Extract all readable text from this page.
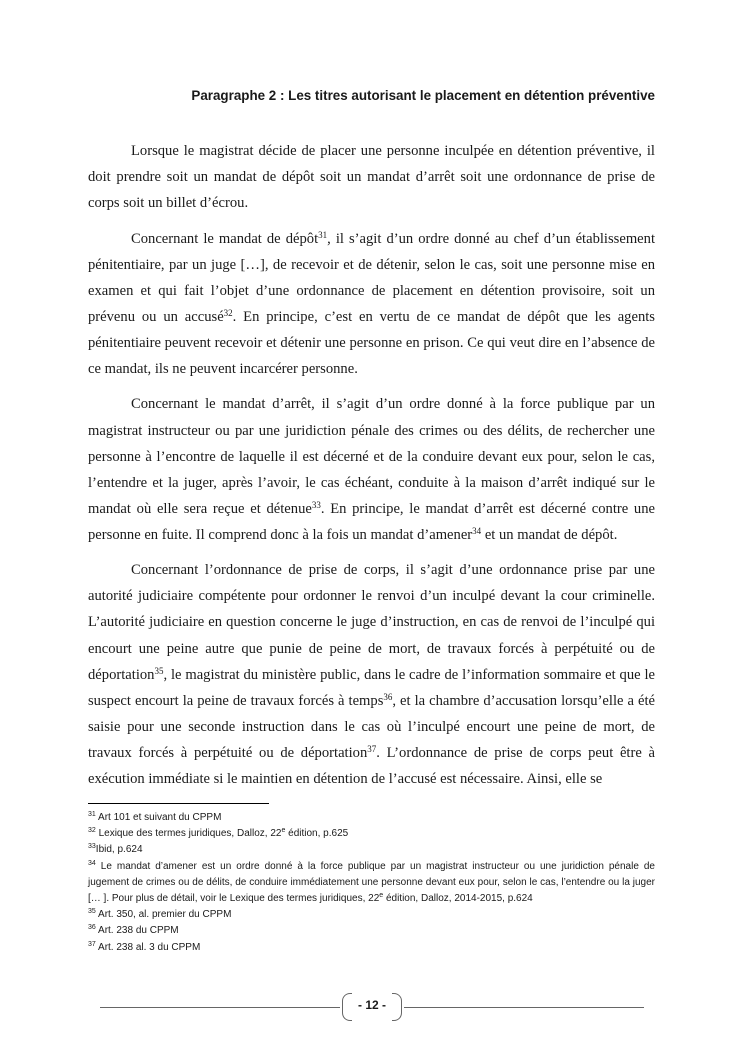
Paragraphe 2 : Les titres autorisant le placement en détention préventive

Lorsque le magistrat décide de placer une personne inculpée en détention préventive, il doit prendre soit un mandat de dépôt soit un mandat d’arrêt soit une ordonnance de prise de corps soit un billet d’écrou.

Concernant le mandat de dépôt$^{31}$, il s’agit d’un ordre donné au chef d’un établissement pénitentiaire, par un juge […], de recevoir et de détenir, selon le cas, soit une personne mise en examen et qui fait l’objet d’une ordonnance de placement en détention provisoire, soit un prévenu ou un accusé$^{32}$. En principe, c’est en vertu de ce mandat de dépôt que les agents pénitentiaire peuvent recevoir et détenir une personne en prison. Ce qui veut dire en l’absence de ce mandat, ils ne peuvent incarcérer personne.

Concernant le mandat d’arrêt, il s’agit d’un ordre donné à la force publique par un magistrat instructeur ou par une juridiction pénale des crimes ou des délits, de rechercher une personne à l’encontre de laquelle il est décerné et de la conduire devant eux pour, selon le cas, l’entendre et la juger, après l’avoir, le cas échéant, conduite à la maison d’arrêt indiqué sur le mandat où elle sera reçue et détenue$^{33}$. En principe, le mandat d’arrêt est décerné contre une personne en fuite. Il comprend donc à la fois un mandat d’amener$^{34}$ et un mandat de dépôt.

Concernant l’ordonnance de prise de corps, il s’agit d’une ordonnance prise par une autorité judiciaire compétente pour ordonner le renvoi d’un inculpé devant la cour criminelle. L’autorité judiciaire en question concerne le juge d’instruction, en cas de renvoi de l’inculpé qui encourt une peine autre que punie de peine de mort, de travaux forcés à perpétuité ou de déportation$^{35}$, le magistrat du ministère public, dans le cadre de l’information sommaire et que le suspect encourt la peine de travaux forcés à temps$^{36}$, et la chambre d’accusation lorsqu’elle a été saisie pour une seconde instruction dans le cas où l’inculpé encourt une peine de mort, de travaux forcés à perpétuité ou de déportation$^{37}$. L’ordonnance de prise de corps peut être à exécution immédiate si le maintien en détention de l’accusé est nécessaire. Ainsi, elle se

$^{31}$ Art 101 et suivant du CPPM
$^{32}$ Lexique des termes juridiques, Dalloz, 22e édition, p.625
$^{33}$Ibid, p.624
$^{34}$ Le mandat d’amener est un ordre donné à la force publique par un magistrat instructeur ou une juridiction pénale de jugement de crimes ou de délits, de conduire immédiatement une personne devant eux pour, selon le cas, l’entendre ou la juger [… ]. Pour plus de détail, voir le Lexique des termes juridiques, 22e édition, Dalloz, 2014-2015, p.624
$^{35}$ Art. 350, al. premier du CPPM
$^{36}$ Art. 238 du CPPM
$^{37}$ Art. 238 al. 3 du CPPM
- 12 -
